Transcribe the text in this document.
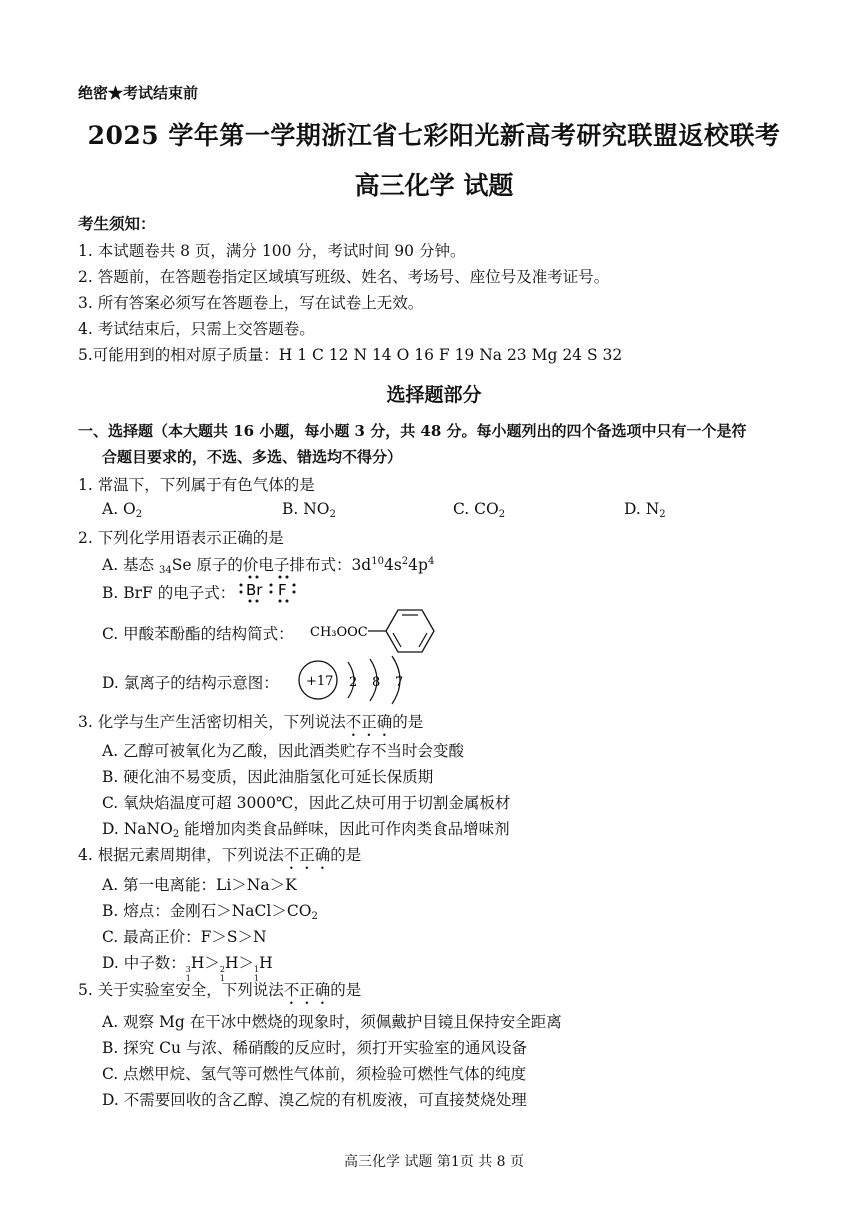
绝密★考试结束前
2025 学年第一学期浙江省七彩阳光新高考研究联盟返校联考
高三化学 试题
考生须知：
1. 本试题卷共 8 页，满分 100 分，考试时间 90 分钟。
2. 答题前，在答题卷指定区域填写班级、姓名、考场号、座位号及准考证号。
3. 所有答案必须写在答题卷上，写在试卷上无效。
4. 考试结束后，只需上交答题卷。
5.可能用到的相对原子质量：H 1 C 12 N 14 O 16 F 19 Na 23 Mg 24 S 32
选择题部分
一、选择题（本大题共 16 小题，每小题 3 分，共 48 分。每小题列出的四个备选项中只有一个是符
合题目要求的，不选、多选、错选均不得分）
1. 常温下，下列属于有色气体的是
A. $O_2$	B. $NO_2$	C. $CO_2$	D. $N_2$
2. 下列化学用语表示正确的是
A. 基态 $_{34}$Se 原子的价电子排布式：$3d^{10}4s^24p^4$
B. BrF 的电子式： Br F
C. 甲酸苯酚酯的结构简式： CH₃OOC
D. 氯离子的结构示意图： +17 2 8 7
3. 化学与生产生活密切相关，下列说法不正确的是
A. 乙醇可被氧化为乙酸，因此酒类贮存不当时会变酸
B. 硬化油不易变质，因此油脂氢化可延长保质期
C. 氧炔焰温度可超 3000℃，因此乙炔可用于切割金属板材
D. NaNO$_2$ 能增加肉类食品鲜味，因此可作肉类食品增味剂
4. 根据元素周期律，下列说法不正确的是
A. 第一电离能：Li＞Na＞K
B. 熔点：金刚石$>NaCl>CO_2$
C. 最高正价：F＞S＞N
D. 中子数： 3
1
H＞ 2
1
H＞ 1
1
H
5. 关于实验室安全，下列说法不正确的是
A. 观察 Mg 在干冰中燃烧的现象时，须佩戴护目镜且保持安全距离
B. 探究 Cu 与浓、稀硝酸的反应时，须打开实验室的通风设备
C. 点燃甲烷、氢气等可燃性气体前，须检验可燃性气体的纯度
D. 不需要回收的含乙醇、溴乙烷的有机废液，可直接焚烧处理
高三化学 试题 第1页 共 8 页
